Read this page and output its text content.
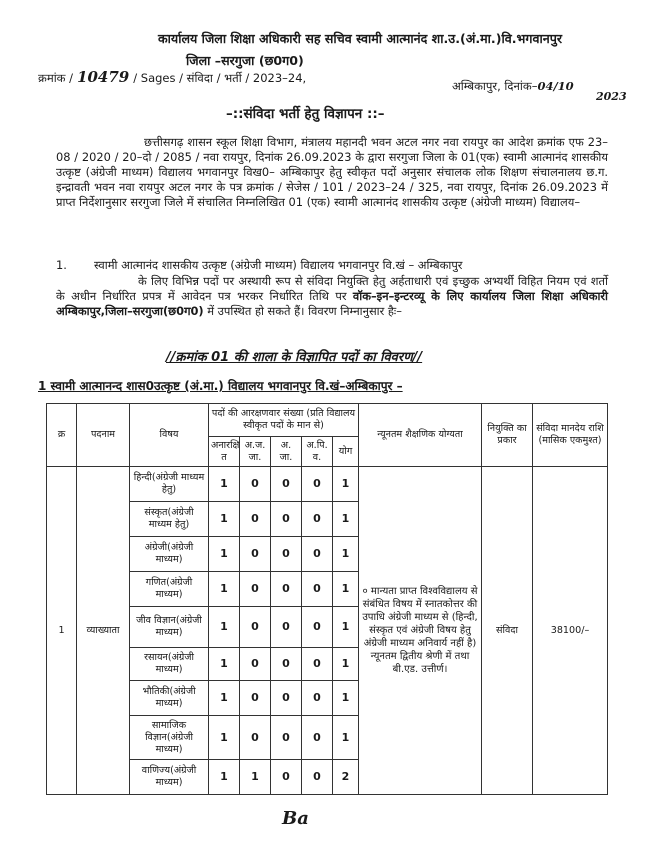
कार्यालय जिला शिक्षा अधिकारी सह सचिव स्वामी आत्मानंद शा.उ.(अं.मा.)वि.भगवानपुर
जिला –सरगुजा (छ0ग0)
क्रमांक / 10479 / Sages / संविदा / भर्ती / 2023–24,
अम्बिकापुर, दिनांक–04/10
2023
–::संविदा भर्ती हेतु विज्ञापन ::–
छत्तीसगढ़ शासन स्कूल शिक्षा विभाग, मंत्रालय महानदी भवन अटल नगर नवा रायपुर का आदेश क्रमांक एफ 23–08 / 2020 / 20–दो / 2085 / नवा रायपुर, दिनांक 26.09.2023 के द्वारा सरगुजा जिला के 01(एक) स्वामी आत्मानंद शासकीय उत्कृष्ट (अंग्रेजी माध्यम) विद्यालय भगवानपुर विख0– अम्बिकापुर हेतु स्वीकृत पदों अनुसार संचालक लोक शिक्षण संचालनालय छ.ग. इन्द्रावती भवन नवा रायपुर अटल नगर के पत्र क्रमांक / सेजेस / 101 / 2023–24 / 325, नवा रायपुर, दिनांक 26.09.2023 में प्राप्त निर्देशानुसार सरगुजा जिले में संचालित निम्नलिखित 01 (एक) स्वामी आत्मानंद शासकीय उत्कृष्ट (अंग्रेजी माध्यम) विद्यालय–
1. स्वामी आत्मानंद शासकीय उत्कृष्ट (अंग्रेजी माध्यम) विद्यालय भगवानपुर वि.खं – अम्बिकापुर
के लिए विभिन्न पदों पर अस्थायी रूप से संविदा नियुक्ति हेतु अर्हताधारी एवं इच्छुक अभ्यर्थी विहित नियम एवं शर्तो के अधीन निर्धारित प्रपत्र में आवेदन पत्र भरकर निर्धारित तिथि पर वॉक–इन–इन्टरव्यू के लिए कार्यालय जिला शिक्षा अधिकारी अम्बिकापुर,जिला–सरगुजा(छ0ग0) में उपस्थित हो सकते हैं। विवरण निम्नानुसार हैः–
//क्रमांक 01 की शाला के विज्ञापित पदों का विवरण//
1 स्वामी आत्मानन्द शास0उत्कृष्ट (अं.मा.) विद्यालय भगवानपुर वि.खं–अम्बिकापुर –
क्र	पदनाम	विषय	पदों की आरक्षणवार संख्या (प्रति विद्यालय स्वीकृत पदों के मान से)					न्यूनतम शैक्षणिक योग्यता	नियुक्ति का प्रकार	संविदा मानदेय राशि (मासिक एकमुश्त)
			अनारक्षि त	अ.ज. जा.	अ. जा.	अ.पि. व.	योग			
1	व्याख्याता	हिन्दी(अंग्रेजी माध्यम हेतु)	1	0	0	0	1	० मान्यता प्राप्त विश्वविद्यालय से संबंधित विषय में स्नातकोत्तर की उपाधि अंग्रेजी माध्यम से (हिन्दी, संस्कृत एवं अंग्रेजी विषय हेतु अंग्रेजी माध्यम अनिवार्य नहीं है) न्यूनतम द्वितीय श्रेणी में तथा बी.एड. उत्तीर्ण।	संविदा	38100/–
		संस्कृत(अंग्रेजी माध्यम हेतु)	1	0	0	0	1			
		अंग्रेजी(अंग्रेजी माध्यम)	1	0	0	0	1			
		गणित(अंग्रेजी माध्यम)	1	0	0	0	1			
		जीव विज्ञान(अंग्रेजी माध्यम)	1	0	0	0	1			
		रसायन(अंग्रेजी माध्यम)	1	0	0	0	1			
		भौतिकी(अंग्रेजी माध्यम)	1	0	0	0	1			
		सामाजिक विज्ञान(अंग्रेजी माध्यम)	1	0	0	0	1			
		वाणिज्य(अंग्रेजी माध्यम)	1	1	0	0	2			
Ba
